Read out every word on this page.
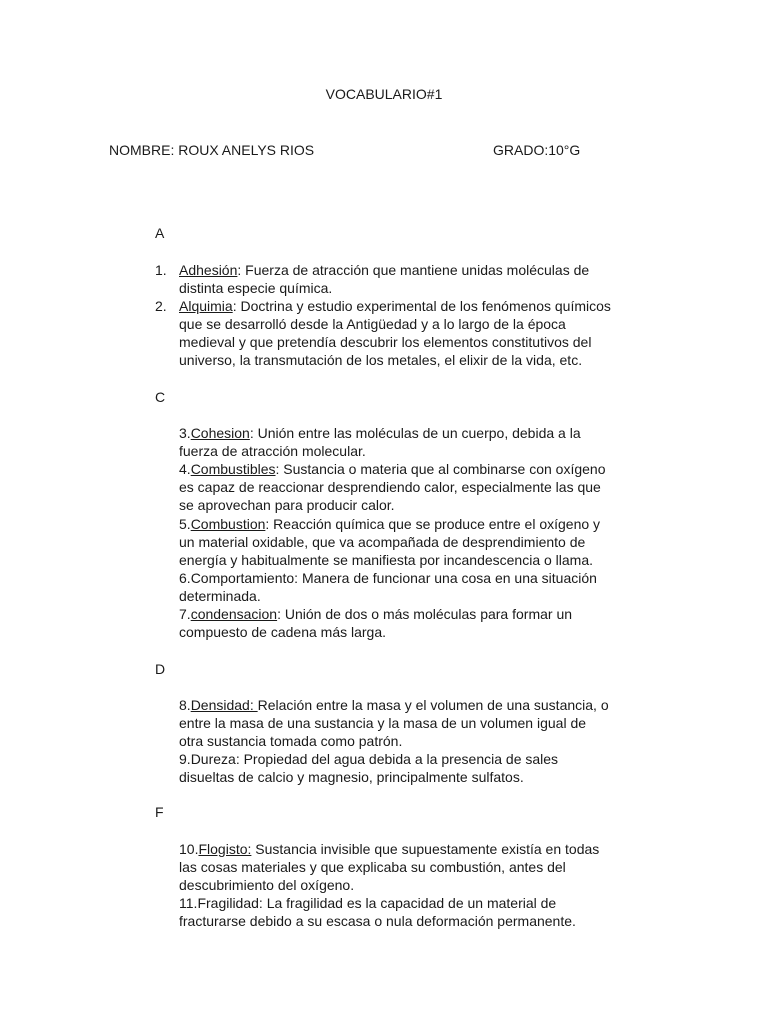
VOCABULARIO#1
NOMBRE: ROUX ANELYS RIOS	GRADO:10°G
A
1. Adhesión: Fuerza de atracción que mantiene unidas moléculas de
distinta especie química.
2. Alquimia: Doctrina y estudio experimental de los fenómenos químicos
que se desarrolló desde la Antigüedad y a lo largo de la época
medieval y que pretendía descubrir los elementos constitutivos del
universo, la transmutación de los metales, el elixir de la vida, etc.
C
3.Cohesion: Unión entre las moléculas de un cuerpo, debida a la
fuerza de atracción molecular.
4.Combustibles: Sustancia o materia que al combinarse con oxígeno
es capaz de reaccionar desprendiendo calor, especialmente las que
se aprovechan para producir calor.
5.Combustion: Reacción química que se produce entre el oxígeno y
un material oxidable, que va acompañada de desprendimiento de
energía y habitualmente se manifiesta por incandescencia o llama.
6.Comportamiento: Manera de funcionar una cosa en una situación
determinada.
7.condensacion: Unión de dos o más moléculas para formar un
compuesto de cadena más larga.
D
8.Densidad: Relación entre la masa y el volumen de una sustancia, o
entre la masa de una sustancia y la masa de un volumen igual de
otra sustancia tomada como patrón.
9.Dureza: Propiedad del agua debida a la presencia de sales
disueltas de calcio y magnesio, principalmente sulfatos.
F
10.Flogisto: Sustancia invisible que supuestamente existía en todas
las cosas materiales y que explicaba su combustión, antes del
descubrimiento del oxígeno.
11.Fragilidad: La fragilidad es la capacidad de un material de
fracturarse debido a su escasa o nula deformación permanente.
